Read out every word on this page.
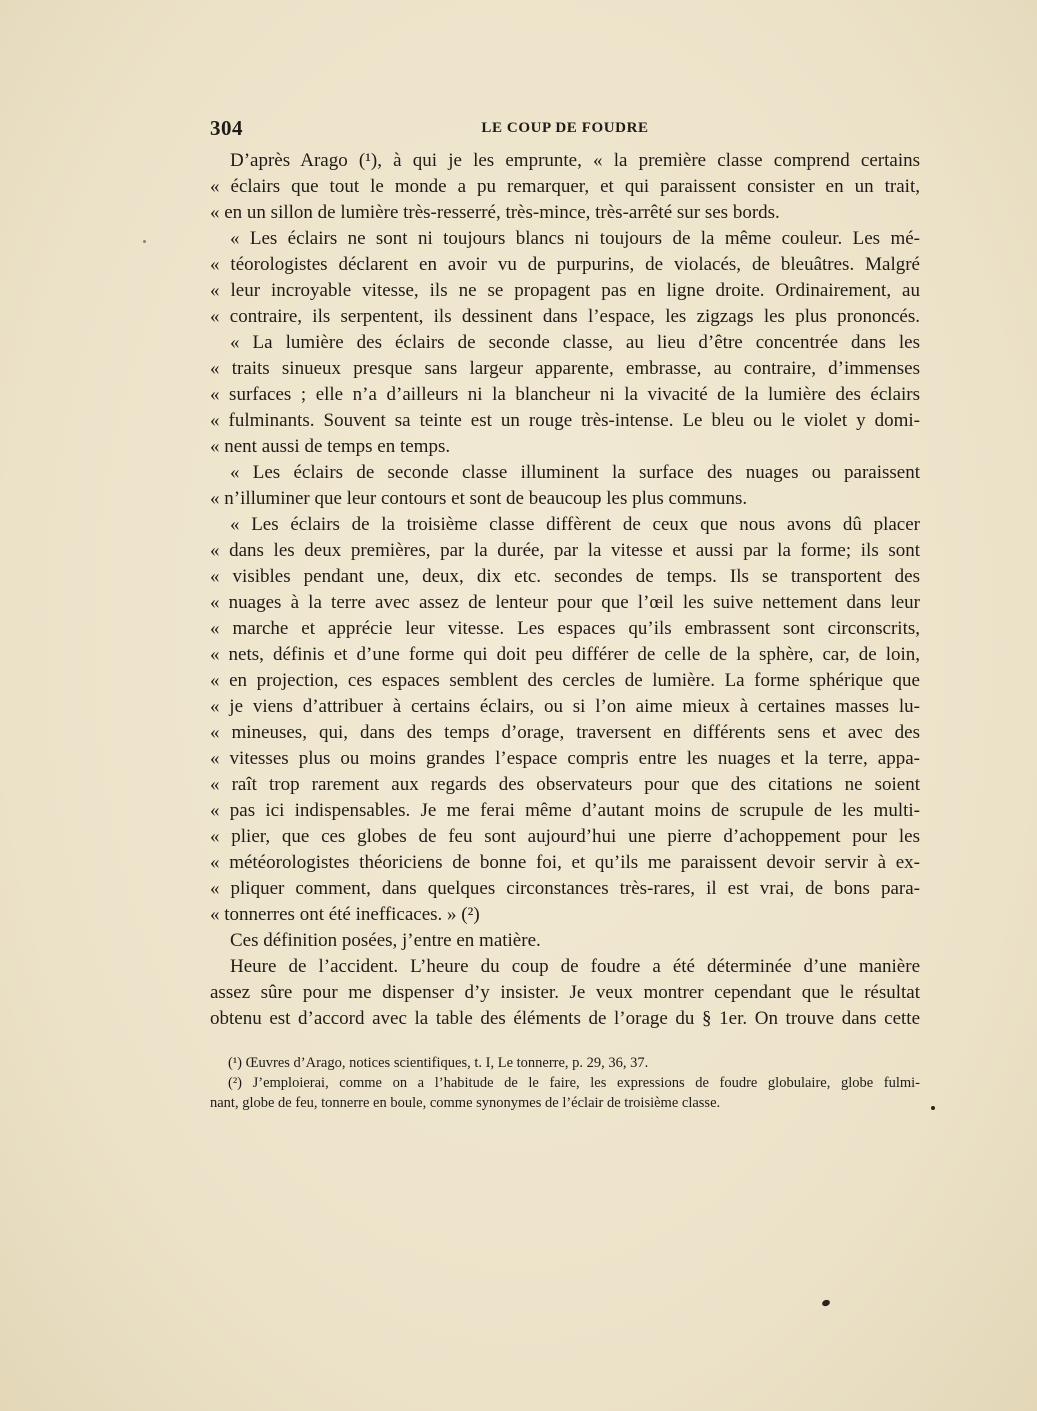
304	LE COUP DE FOUDRE
D’après Arago (¹), à qui je les emprunte, « la première classe comprend certains
« éclairs que tout le monde a pu remarquer, et qui paraissent consister en un trait,
« en un sillon de lumière très-resserré, très-mince, très-arrêté sur ses bords.
« Les éclairs ne sont ni toujours blancs ni toujours de la même couleur. Les mé-
« téorologistes déclarent en avoir vu de purpurins, de violacés, de bleuâtres. Malgré
« leur incroyable vitesse, ils ne se propagent pas en ligne droite. Ordinairement, au
« contraire, ils serpentent, ils dessinent dans l’espace, les zigzags les plus prononcés.
« La lumière des éclairs de seconde classe, au lieu d’être concentrée dans les
« traits sinueux presque sans largeur apparente, embrasse, au contraire, d’immenses
« surfaces ; elle n’a d’ailleurs ni la blancheur ni la vivacité de la lumière des éclairs
« fulminants. Souvent sa teinte est un rouge très-intense. Le bleu ou le violet y domi-
« nent aussi de temps en temps.
« Les éclairs de seconde classe illuminent la surface des nuages ou paraissent
« n’illuminer que leur contours et sont de beaucoup les plus communs.
« Les éclairs de la troisième classe diffèrent de ceux que nous avons dû placer
« dans les deux premières, par la durée, par la vitesse et aussi par la forme; ils sont
« visibles pendant une, deux, dix etc. secondes de temps. Ils se transportent des
« nuages à la terre avec assez de lenteur pour que l’œil les suive nettement dans leur
« marche et apprécie leur vitesse. Les espaces qu’ils embrassent sont circonscrits,
« nets, définis et d’une forme qui doit peu différer de celle de la sphère, car, de loin,
« en projection, ces espaces semblent des cercles de lumière. La forme sphérique que
« je viens d’attribuer à certains éclairs, ou si l’on aime mieux à certaines masses lu-
« mineuses, qui, dans des temps d’orage, traversent en différents sens et avec des
« vitesses plus ou moins grandes l’espace compris entre les nuages et la terre, appa-
« raît trop rarement aux regards des observateurs pour que des citations ne soient
« pas ici indispensables. Je me ferai même d’autant moins de scrupule de les multi-
« plier, que ces globes de feu sont aujourd’hui une pierre d’achoppement pour les
« météorologistes théoriciens de bonne foi, et qu’ils me paraissent devoir servir à ex-
« pliquer comment, dans quelques circonstances très-rares, il est vrai, de bons para-
« tonnerres ont été inefficaces. » (²)
Ces définition posées, j’entre en matière.
Heure de l’accident. L’heure du coup de foudre a été déterminée d’une manière
assez sûre pour me dispenser d’y insister. Je veux montrer cependant que le résultat
obtenu est d’accord avec la table des éléments de l’orage du § 1er. On trouve dans cette
(¹) Œuvres d’Arago, notices scientifiques, t. I, Le tonnerre, p. 29, 36, 37.
(²) J’emploierai, comme on a l’habitude de le faire, les expressions de foudre globulaire, globe fulmi-
nant, globe de feu, tonnerre en boule, comme synonymes de l’éclair de troisième classe.
